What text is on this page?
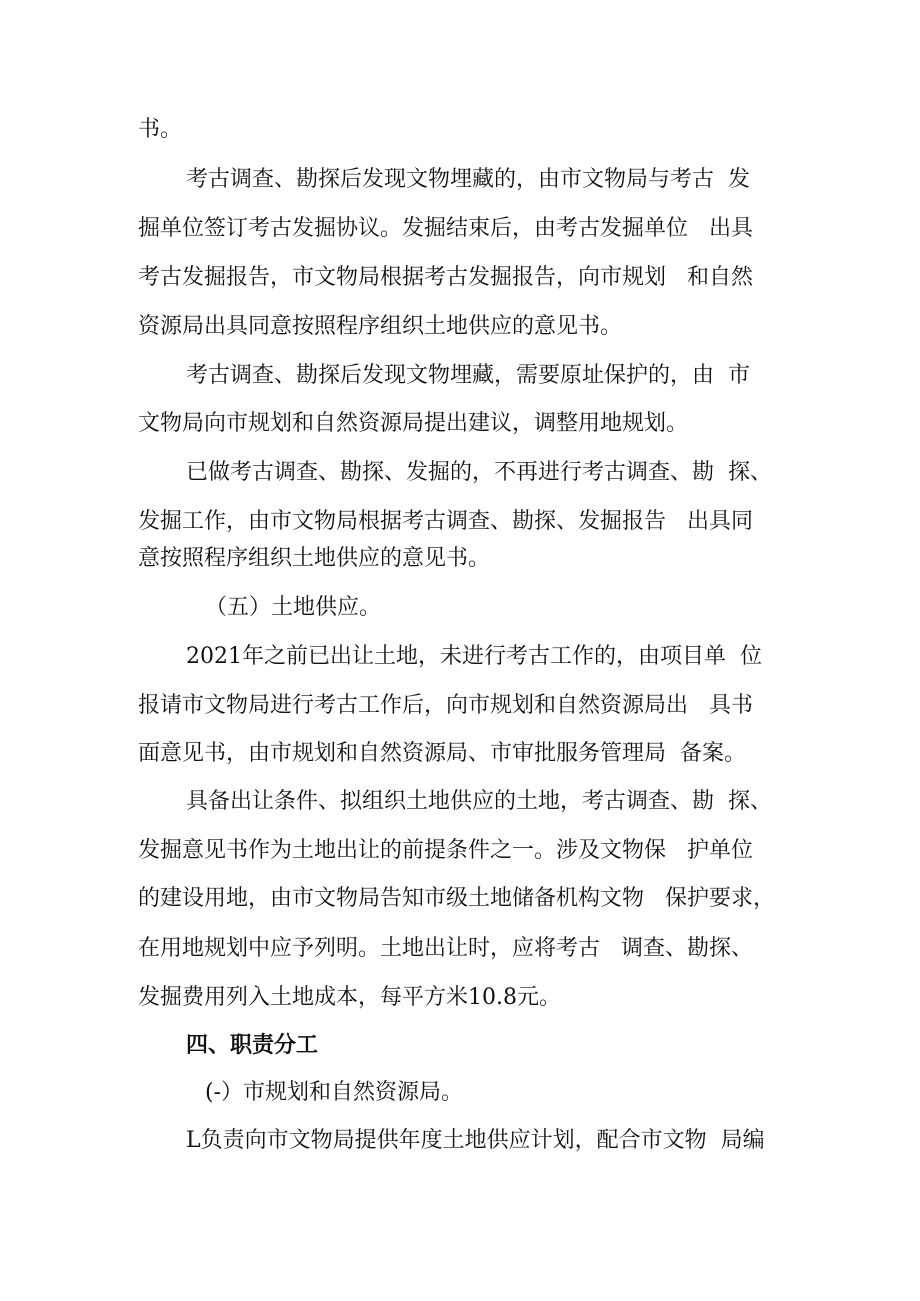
书。
考古调查、勘探后发现文物埋藏的，由市文物局与考古  发
掘单位签订考古发掘协议。发掘结束后，由考古发掘单位   出具
考古发掘报告，市文物局根据考古发掘报告，向市规划   和自然
资源局出具同意按照程序组织土地供应的意见书。
考古调查、勘探后发现文物埋藏，需要原址保护的，由  市
文物局向市规划和自然资源局提出建议，调整用地规划。
已做考古调查、勘探、发掘的，不再进行考古调查、勘  探、
发掘工作，由市文物局根据考古调查、勘探、发掘报告   出具同
意按照程序组织土地供应的意见书。
（五）土地供应。
2021年之前已出让土地，未进行考古工作的，由项目单  位
报请市文物局进行考古工作后，向市规划和自然资源局出   具书
面意见书，由市规划和自然资源局、市审批服务管理局  备案。
具备出让条件、拟组织土地供应的土地，考古调查、勘  探、
发掘意见书作为土地出让的前提条件之一。涉及文物保   护单位
的建设用地，由市文物局告知市级土地储备机构文物   保护要求，
在用地规划中应予列明。土地出让时，应将考古   调查、勘探、
发掘费用列入土地成本，每平方米10.8元。
四、职责分工
(-）市规划和自然资源局。
L负责向市文物局提供年度土地供应计划，配合市文物  局编
